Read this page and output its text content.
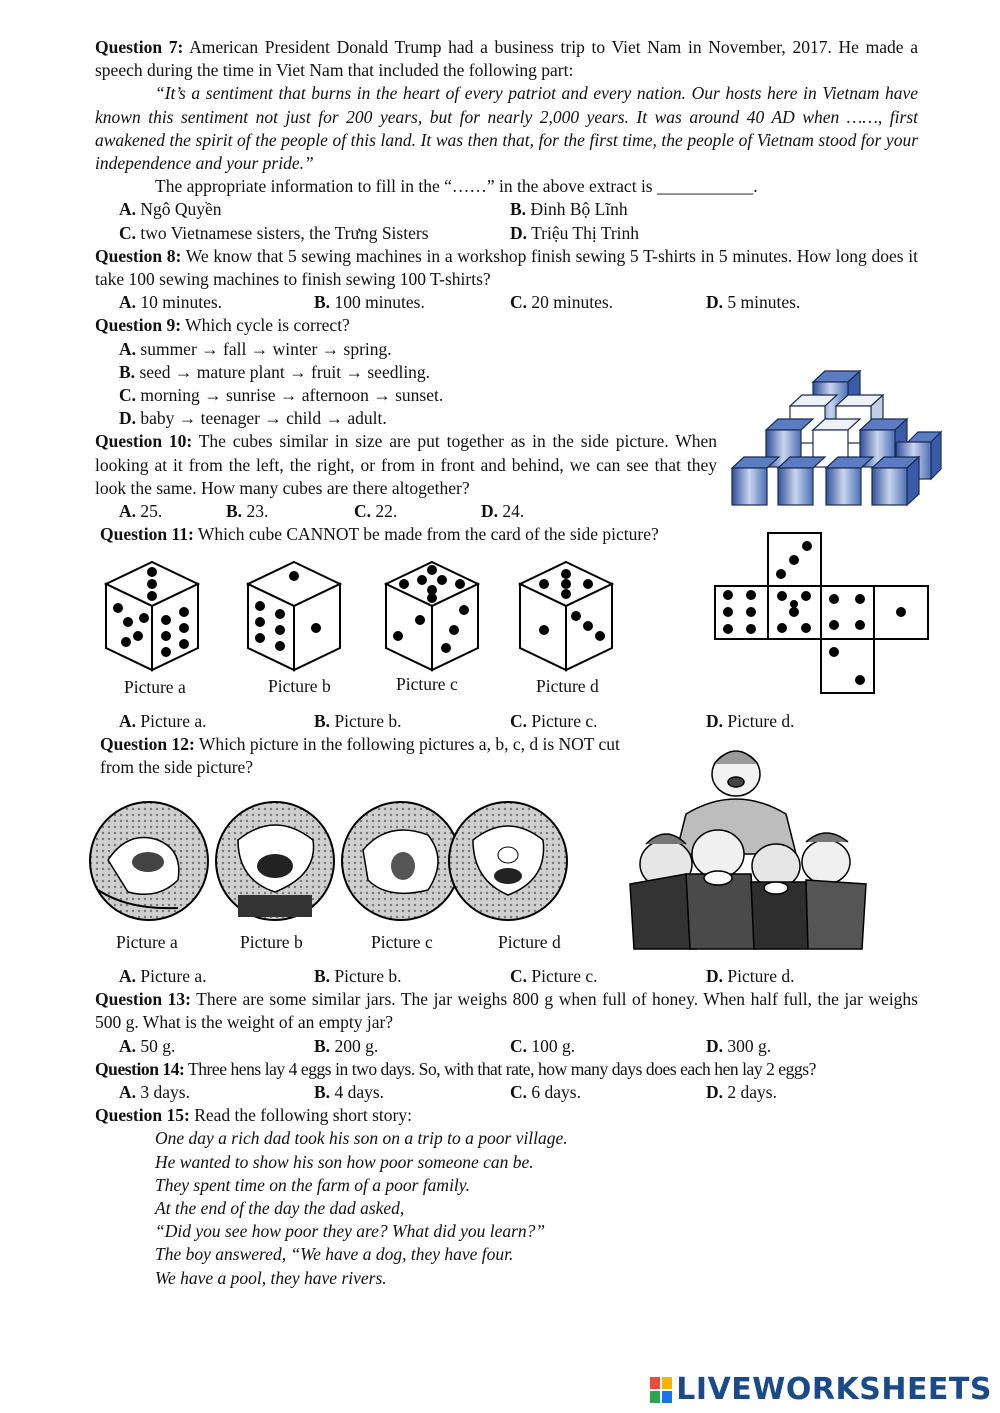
Question 7: American President Donald Trump had a business trip to Viet Nam in November, 2017. He made a speech during the time in Viet Nam that included the following part:

“It’s a sentiment that burns in the heart of every patriot and every nation. Our hosts here in Vietnam have known this sentiment not just for 200 years, but for nearly 2,000 years. It was around 40 AD when ……, first awakened the spirit of the people of this land. It was then that, for the first time, the people of Vietnam stood for your independence and your pride.”

The appropriate information to fill in the “……” in the above extract is ___________.

A. Ngô Quyền	B. Đinh Bộ Lĩnh
C. two Vietnamese sisters, the Trưng Sisters	D. Triệu Thị Trinh

Question 8: We know that 5 sewing machines in a workshop finish sewing 5 T-shirts in 5 minutes. How long does it take 100 sewing machines to finish sewing 100 T-shirts?

A. 10 minutes.	B. 100 minutes.	C. 20 minutes.	D. 5 minutes.

Question 9: Which cycle is correct?

A. summer → fall → winter → spring.

B. seed → mature plant → fruit → seedling.

C. morning → sunrise → afternoon → sunset.

D. baby → teenager → child → adult.

Question 10: The cubes similar in size are put together as in the side picture. When looking at it from the left, the right, or from in front and behind, we can see that they look the same. How many cubes are there altogether?

A. 25.	B. 23.	C. 22.	D. 24.

Question 11: Which cube CANNOT be made from the card of the side picture?

Picture a	Picture b	Picture c	Picture d
A. Picture a.	B. Picture b.	C. Picture c.	D. Picture d.

Question 12: Which picture in the following pictures a, b, c, d is NOT cut from the side picture?

Picture a	Picture b	Picture c	Picture d
A. Picture a.	B. Picture b.	C. Picture c.	D. Picture d.

Question 13: There are some similar jars. The jar weighs 800 g when full of honey. When half full, the jar weighs 500 g. What is the weight of an empty jar?

A. 50 g.	B. 200 g.	C. 100 g.	D. 300 g.

Question 14: Three hens lay 4 eggs in two days. So, with that rate, how many days does each hen lay 2 eggs?

A. 3 days.	B. 4 days.	C. 6 days.	D. 2 days.

Question 15: Read the following short story:

One day a rich dad took his son on a trip to a poor village.
He wanted to show his son how poor someone can be.
They spent time on the farm of a poor family.
At the end of the day the dad asked,
“Did you see how poor they are? What did you learn?”
The boy answered, “We have a dog, they have four.
We have a pool, they have rivers.
LIVEWORKSHEETS
